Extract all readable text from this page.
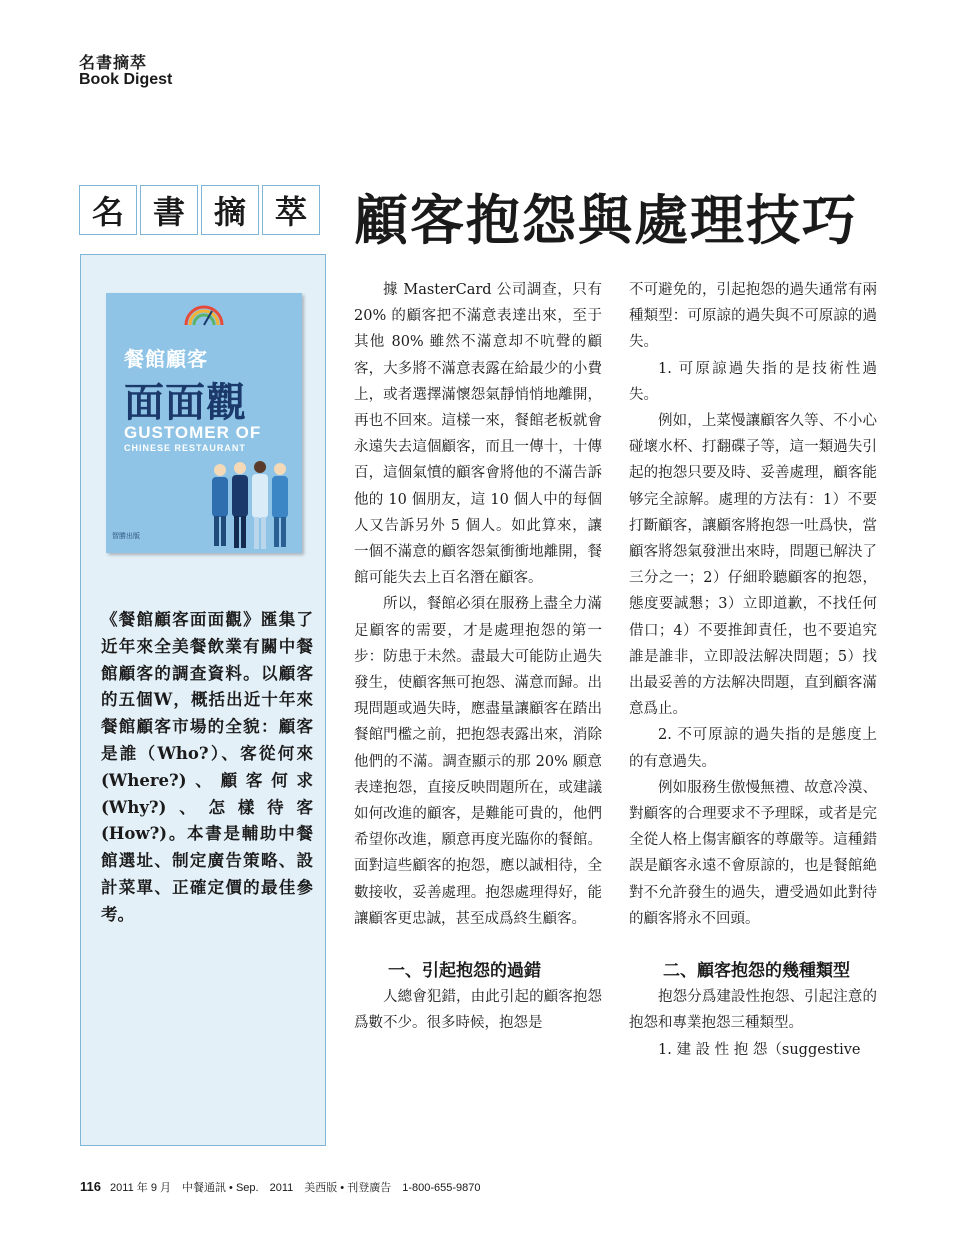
名書摘萃
Book Digest
名 書 摘 萃 顧客抱怨與處理技巧
餐館顧客
面面觀
GUSTOMER OF
CHINESE RESTAURANT
智勝出版
《餐館顧客面面觀》匯集了近年來全美餐飲業有關中餐館顧客的調查資料。以顧客的五個W，概括出近十年來餐館顧客市場的全貌：顧客是誰（Who?）、客從何來(Where?)、顧客何求(Why?)、怎樣待客(How?)。本書是輔助中餐館選址、制定廣告策略、設計菜單、正確定價的最佳參考。

據 MasterCard 公司調查，只有 20% 的顧客把不滿意表達出來，至于其他 80% 雖然不滿意却不吭聲的顧客，大多將不滿意表露在給最少的小費上，或者選擇滿懷怨氣靜悄悄地離開，再也不回來。這樣一來，餐館老板就會永遠失去這個顧客，而且一傳十，十傳百，這個氣憤的顧客會將他的不滿告訴他的 10 個朋友，這 10 個人中的每個人又告訴另外 5 個人。如此算來，讓一個不滿意的顧客怨氣衝衝地離開，餐館可能失去上百名潛在顧客。

所以，餐館必須在服務上盡全力滿足顧客的需要，才是處理抱怨的第一步：防患于未然。盡最大可能防止過失發生，使顧客無可抱怨、滿意而歸。出現問題或過失時，應盡量讓顧客在踏出餐館門檻之前，把抱怨表露出來，消除他們的不滿。調查顯示的那 20% 願意表達抱怨，直接反映問題所在，或建議如何改進的顧客，是難能可貴的，他們希望你改進，願意再度光臨你的餐館。面對這些顧客的抱怨，應以誠相待，全數接收，妥善處理。抱怨處理得好，能讓顧客更忠誠，甚至成爲終生顧客。

一、引起抱怨的過錯

人總會犯錯，由此引起的顧客抱怨爲數不少。很多時候，抱怨是

不可避免的，引起抱怨的過失通常有兩種類型：可原諒的過失與不可原諒的過失。

1. 可原諒過失指的是技術性過失。

例如，上菜慢讓顧客久等、不小心碰壞水杯、打翻碟子等，這一類過失引起的抱怨只要及時、妥善處理，顧客能够完全諒解。處理的方法有：1）不要打斷顧客，讓顧客將抱怨一吐爲快，當顧客將怨氣發泄出來時，問題已解決了三分之一；2）仔細聆聽顧客的抱怨，態度要誠懇；3）立即道歉，不找任何借口；4）不要推卸責任，也不要追究誰是誰非，立即設法解决問題；5）找出最妥善的方法解决問題，直到顧客滿意爲止。

2. 不可原諒的過失指的是態度上的有意過失。

例如服務生傲慢無禮、故意冷漠、對顧客的合理要求不予理睬，或者是完全從人格上傷害顧客的尊嚴等。這種錯誤是顧客永遠不會原諒的，也是餐館絶對不允許發生的過失，遭受過如此對待的顧客將永不回頭。

二、顧客抱怨的幾種類型

抱怨分爲建設性抱怨、引起注意的抱怨和專業抱怨三種類型。

1. 建 設 性 抱 怨（suggestive

116 2011 年 9 月　中餐通訊 • Sep.　2011　美西版 • 刊登廣告　1-800-655-9870
